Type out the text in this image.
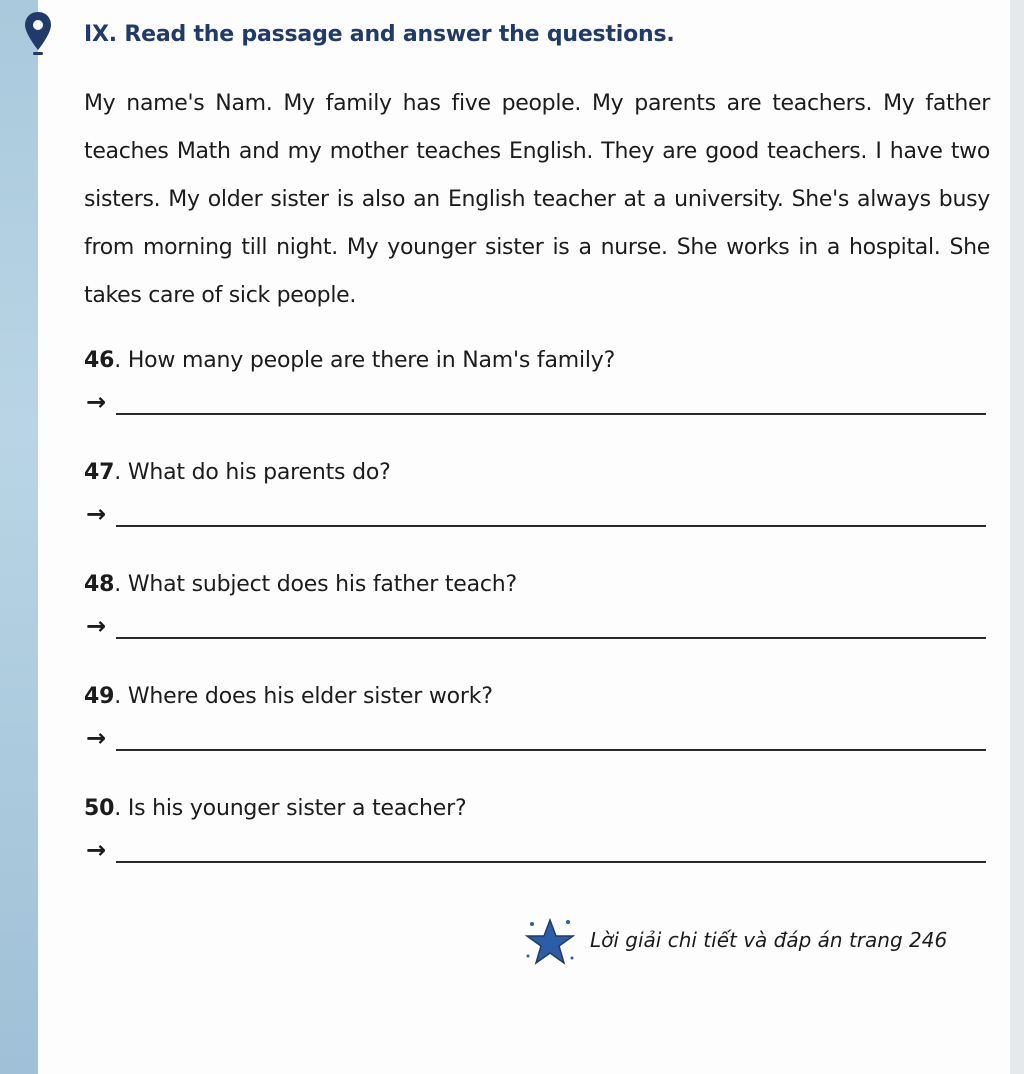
IX. Read the passage and answer the questions.
My name's Nam. My family has five people. My parents are teachers. My father teaches Math and my mother teaches English. They are good teachers. I have two sisters. My older sister is also an English teacher at a university. She's always busy from morning till night. My younger sister is a nurse. She works in a hospital. She takes care of sick people.
46. How many people are there in Nam's family?
→
47. What do his parents do?
→
48. What subject does his father teach?
→
49. Where does his elder sister work?
→
50. Is his younger sister a teacher?
→
Lời giải chi tiết và đáp án trang 246
